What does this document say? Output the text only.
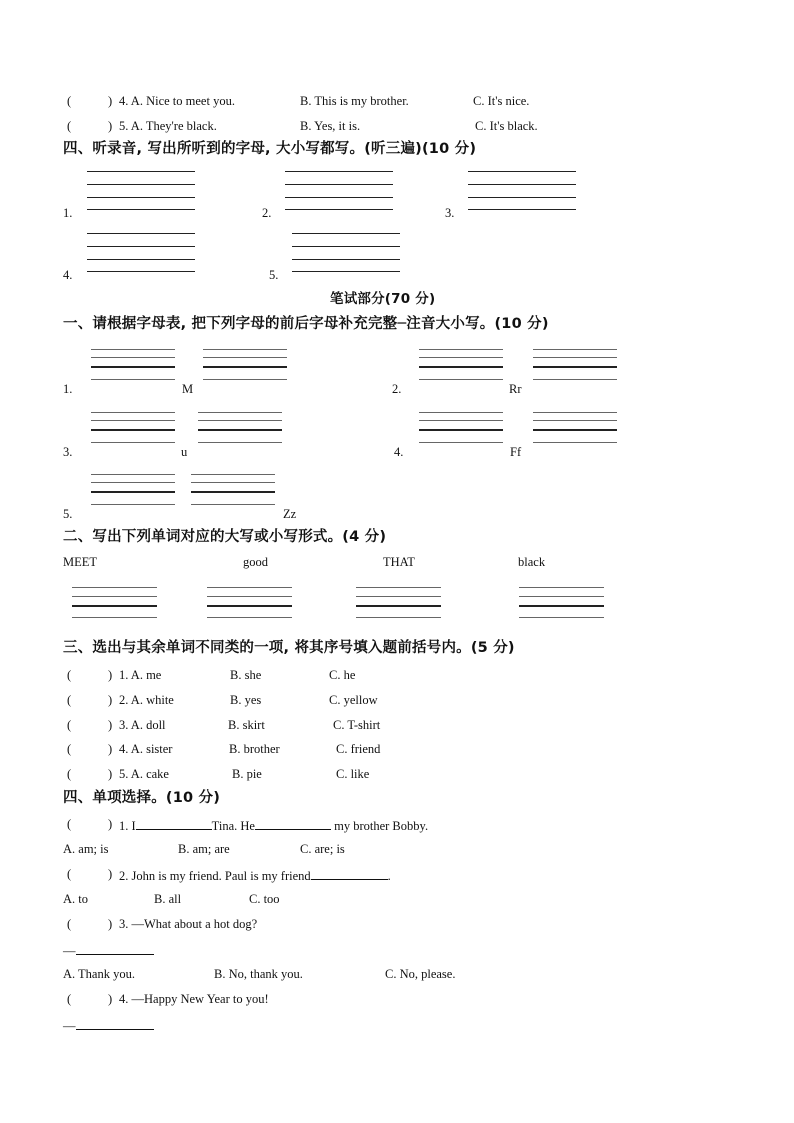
(	) 4. A. Nice to meet you.	B. This is my brother.	C. It's nice.
(	) 5. A. They're black.	B. Yes, it is.	C. It's black.
四、听录音, 写出所听到的字母, 大小写都写。(听三遍)(10 分)
1.	2.	3.
4.	5.
笔试部分(70 分)
一、请根据字母表, 把下列字母的前后字母补充完整─注音大小写。(10 分)
1.	M	2.	Rr
3.	u	4.	Ff
5.	Zz
二、写出下列单词对应的大写或小写形式。(4 分)
MEET	good	THAT	black
三、选出与其余单词不同类的一项, 将其序号填入题前括号内。(5 分)
(	) 1. A. me	B. she	C. he
(	) 2. A. white	B. yes	C. yellow
(	) 3. A. doll	B. skirt	C. T-shirt
(	) 4. A. sister	B. brother	C. friend
(	) 5. A. cake	B. pie	C. like
四、单项选择。(10 分)
(	) 1. I	Tina. He	my brother Bobby.
A. am; is	B. am; are	C. are; is
(	) 2. John is my friend. Paul is my friend	.
A. to	B. all	C. too
(	) 3. —What about a hot dog?
—
A. Thank you.	B. No, thank you.	C. No, please.
(	) 4. —Happy New Year to you!
—
